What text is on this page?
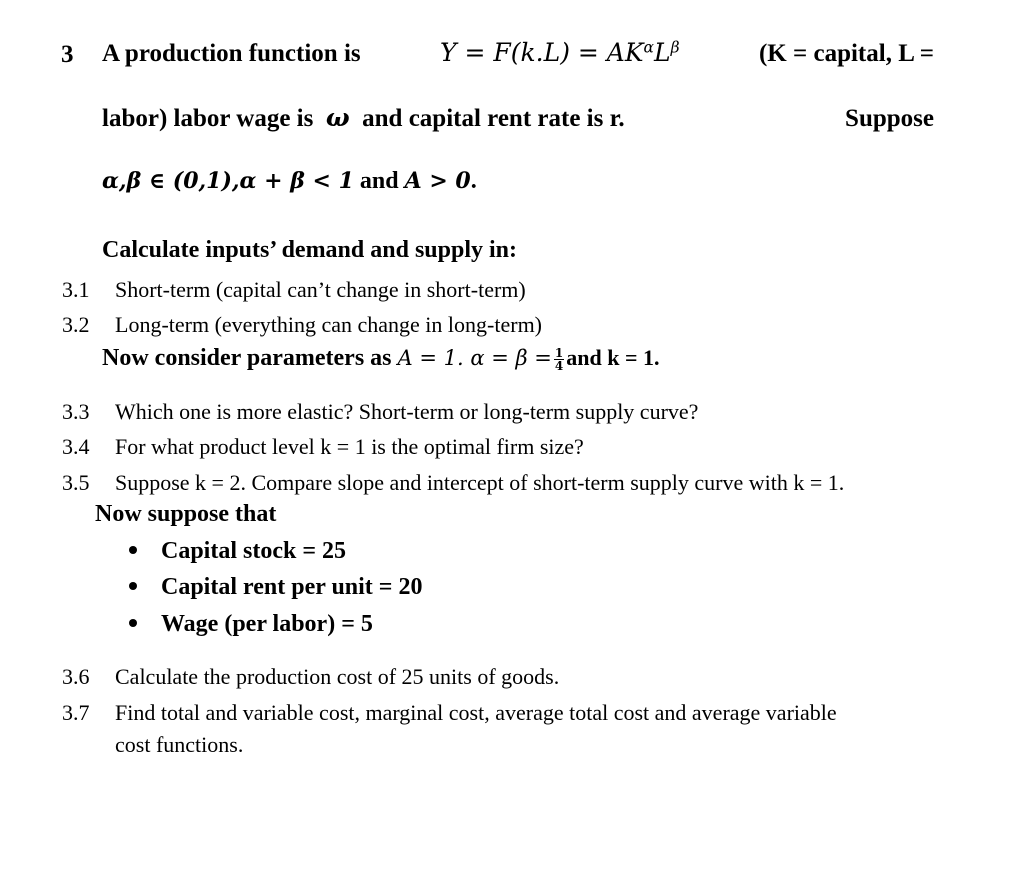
3 A production function is	$Y = F(k.L) = AK^\alpha L^\beta$	(K = capital, L =
labor) labor wage is ω and capital rent rate is r.	Suppose
α,β ∈ (0,1),α + β < 1 and A > 0.
Calculate inputs’ demand and supply in:
3.1 Short-term (capital can’t change in short-term)
3.2 Long-term (everything can change in long-term)
Now consider parameters as A = 1. $\alpha = \beta = \frac{1}{4}$ and k = 1.
3.3 Which one is more elastic? Short-term or long-term supply curve?
3.4 For what product level k = 1 is the optimal firm size?
3.5 Suppose k = 2. Compare slope and intercept of short-term supply curve with k = 1.
Now suppose that
Capital stock = 25
Capital rent per unit = 20
Wage (per labor) = 5
3.6 Calculate the production cost of 25 units of goods.
3.7 Find total and variable cost, marginal cost, average total cost and average variable
cost functions.
